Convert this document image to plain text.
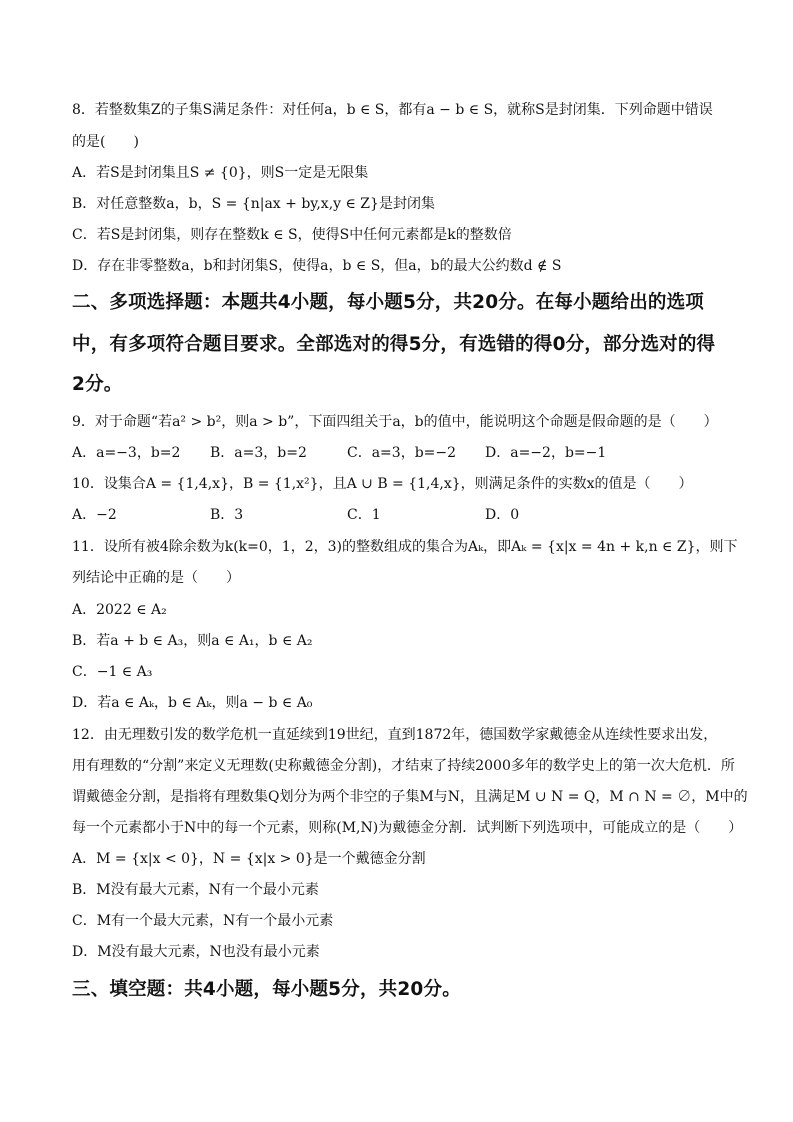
8．若整数集Z的子集S满足条件：对任何a，b ∈ S，都有a − b ∈ S，就称S是封闭集．下列命题中错误
的是(　　)
A．若S是封闭集且S ≠ {0}，则S一定是无限集
B．对任意整数a，b，S = {n|ax + by,x,y ∈ Z}是封闭集
C．若S是封闭集，则存在整数k ∈ S，使得S中任何元素都是k的整数倍
D．存在非零整数a，b和封闭集S，使得a，b ∈ S，但a，b的最大公约数d ∉ S
二、多项选择题：本题共4小题，每小题5分，共20分。在每小题给出的选项
中，有多项符合题目要求。全部选对的得5分，有选错的得0分，部分选对的得
2分。
9．对于命题“若a² > b²，则a > b”，下面四组关于a，b的值中，能说明这个命题是假命题的是（　　）
A．a=−3，b=2 B．a=3，b=2	C．a=3，b=−2 D．a=−2，b=−1
10．设集合A = {1,4,x}，B = {1,x²}，且A ∪ B = {1,4,x}，则满足条件的实数x的值是（　　）
A．−2	B．3	C．1	D．0
11．设所有被4除余数为k(k=0，1，2，3)的整数组成的集合为Aₖ，即Aₖ = {x|x = 4n + k,n ∈ Z}，则下
列结论中正确的是（　　）
A．2022 ∈ A₂
B．若a + b ∈ A₃，则a ∈ A₁，b ∈ A₂
C．−1 ∈ A₃
D．若a ∈ Aₖ，b ∈ Aₖ，则a − b ∈ A₀
12．由无理数引发的数学危机一直延续到19世纪，直到1872年，德国数学家戴德金从连续性要求出发，
用有理数的“分割”来定义无理数(史称戴德金分割)，才结束了持续2000多年的数学史上的第一次大危机．所
谓戴德金分割，是指将有理数集Q划分为两个非空的子集M与N，且满足M ∪ N = Q，M ∩ N = ∅，M中的
每一个元素都小于N中的每一个元素，则称(M,N)为戴德金分割．试判断下列选项中，可能成立的是（　　）
A．M = {x|x < 0}，N = {x|x > 0}是一个戴德金分割
B．M没有最大元素，N有一个最小元素
C．M有一个最大元素，N有一个最小元素
D．M没有最大元素，N也没有最小元素
三、填空题：共4小题，每小题5分，共20分。
